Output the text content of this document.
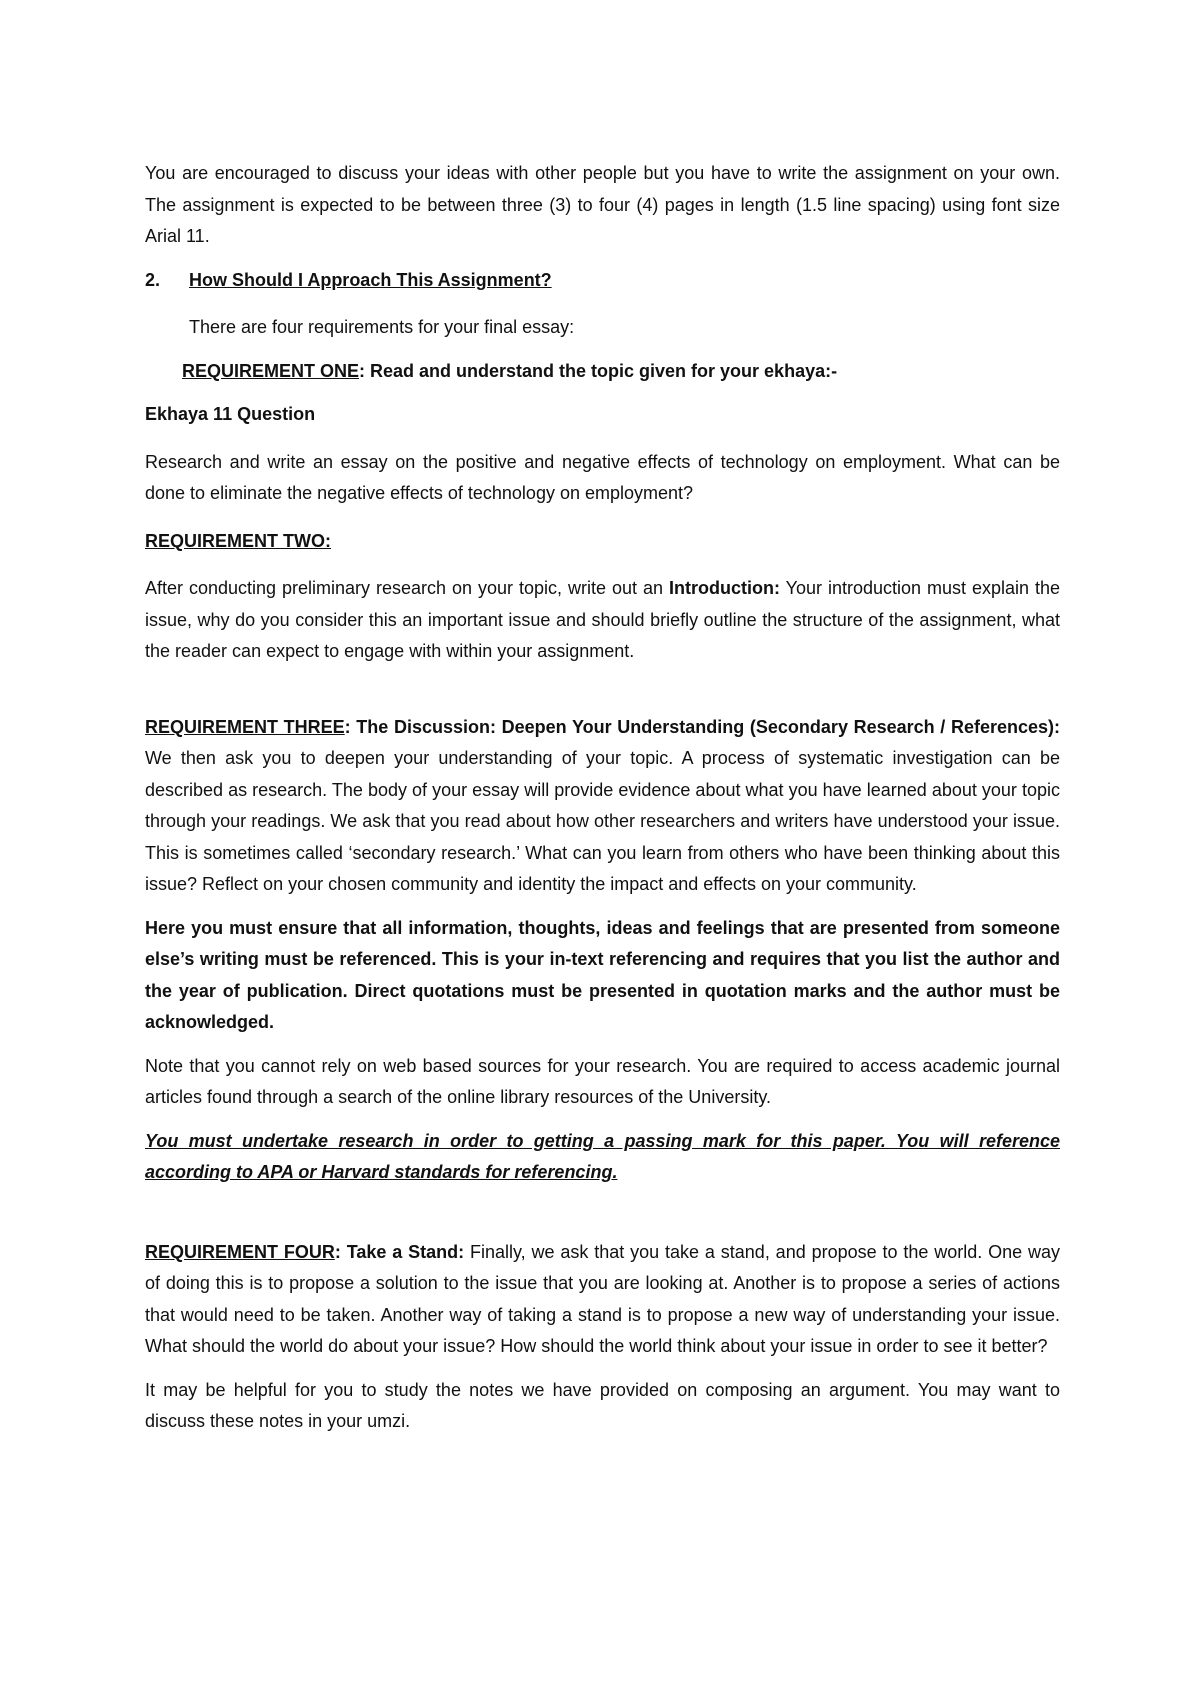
You are encouraged to discuss your ideas with other people but you have to write the assignment on your own. The assignment is expected to be between three (3) to four (4) pages in length (1.5 line spacing) using font size Arial 11.

2.	How Should I Approach This Assignment?

There are four requirements for your final essay:

REQUIREMENT ONE: Read and understand the topic given for your ekhaya:-

Ekhaya 11 Question

Research and write an essay on the positive and negative effects of technology on employment. What can be done to eliminate the negative effects of technology on employment?

REQUIREMENT TWO:

After conducting preliminary research on your topic, write out an Introduction: Your introduction must explain the issue, why do you consider this an important issue and should briefly outline the structure of the assignment, what the reader can expect to engage with within your assignment.

REQUIREMENT THREE: The Discussion: Deepen Your Understanding (Secondary Research / References): We then ask you to deepen your understanding of your topic. A process of systematic investigation can be described as research. The body of your essay will provide evidence about what you have learned about your topic through your readings. We ask that you read about how other researchers and writers have understood your issue. This is sometimes called ‘secondary research.’ What can you learn from others who have been thinking about this issue? Reflect on your chosen community and identity the impact and effects on your community.

Here you must ensure that all information, thoughts, ideas and feelings that are presented from someone else’s writing must be referenced. This is your in-text referencing and requires that you list the author and the year of publication. Direct quotations must be presented in quotation marks and the author must be acknowledged.

Note that you cannot rely on web based sources for your research. You are required to access academic journal articles found through a search of the online library resources of the University.

You must undertake research in order to getting a passing mark for this paper. You will reference according to APA or Harvard standards for referencing.

REQUIREMENT FOUR: Take a Stand: Finally, we ask that you take a stand, and propose to the world. One way of doing this is to propose a solution to the issue that you are looking at. Another is to propose a series of actions that would need to be taken. Another way of taking a stand is to propose a new way of understanding your issue. What should the world do about your issue? How should the world think about your issue in order to see it better?

It may be helpful for you to study the notes we have provided on composing an argument. You may want to discuss these notes in your umzi.
